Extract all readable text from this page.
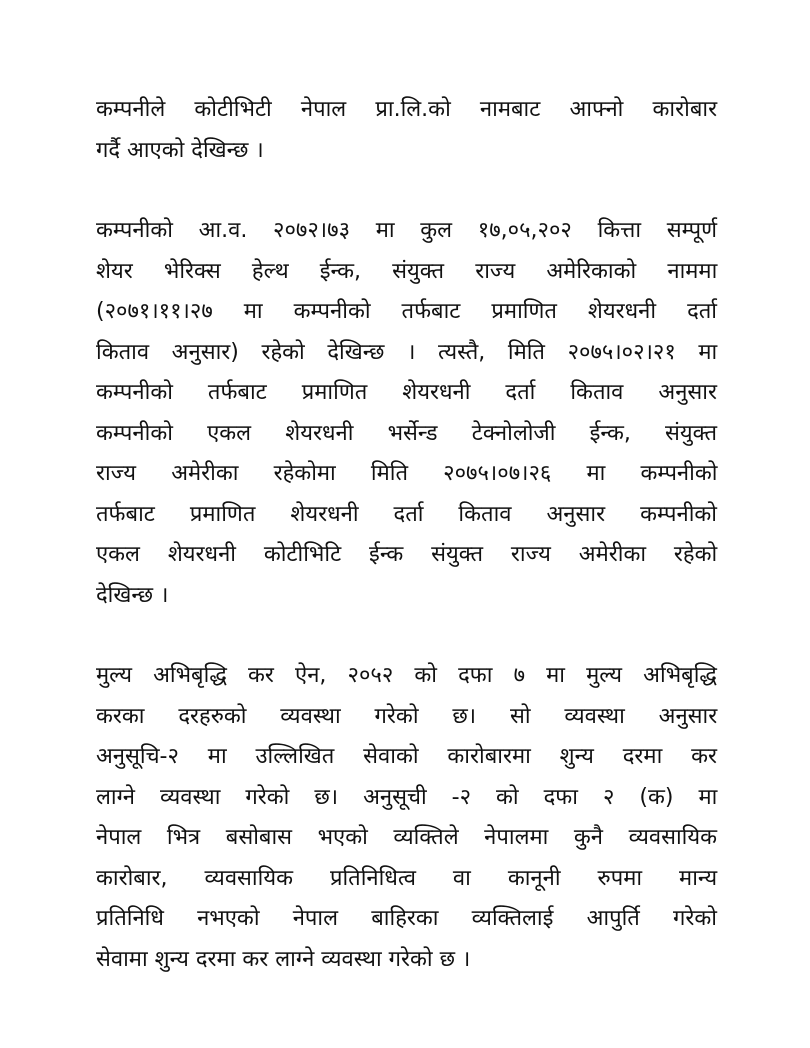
कम्पनीले कोटीभिटी नेपाल प्रा.लि.को नामबाट आफ्नो कारोबार
गर्दै आएको देखिन्छ ।
कम्पनीको आ.व. २०७२।७३ मा कुल १७,०५,२०२ कित्ता सम्पूर्ण
शेयर भेरिक्स हेल्थ ईन्क, संयुक्त राज्य अमेरिकाको नाममा
(२०७१।११।२७ मा कम्पनीको तर्फबाट प्रमाणित शेयरधनी दर्ता
किताव अनुसार) रहेको देखिन्छ । त्यस्तै, मिति २०७५।०२।२१ मा
कम्पनीको तर्फबाट प्रमाणित शेयरधनी दर्ता किताव अनुसार
कम्पनीको एकल शेयरधनी भर्सेन्ड टेक्नोलोजी ईन्क, संयुक्त
राज्य अमेरीका रहेकोमा मिति २०७५।०७।२६ मा कम्पनीको
तर्फबाट प्रमाणित शेयरधनी दर्ता किताव अनुसार कम्पनीको
एकल शेयरधनी कोटीभिटि ईन्क संयुक्त राज्य अमेरीका रहेको
देखिन्छ ।
मुल्य अभिबृद्धि कर ऐन, २०५२ को दफा ७ मा मुल्य अभिबृद्धि
करका दरहरुको व्यवस्था गरेको छ। सो व्यवस्था अनुसार
अनुसूचि-२ मा उल्लिखित सेवाको कारोबारमा शुन्य दरमा कर
लाग्ने व्यवस्था गरेको छ। अनुसूची -२ को दफा २ (क) मा
नेपाल भित्र बसोबास भएको व्यक्तिले नेपालमा कुनै व्यवसायिक
कारोबार, व्यवसायिक प्रतिनिधित्व वा कानूनी रुपमा मान्य
प्रतिनिधि नभएको नेपाल बाहिरका व्यक्तिलाई आपुर्ति गरेको
सेवामा शुन्य दरमा कर लाग्ने व्यवस्था गरेको छ ।
